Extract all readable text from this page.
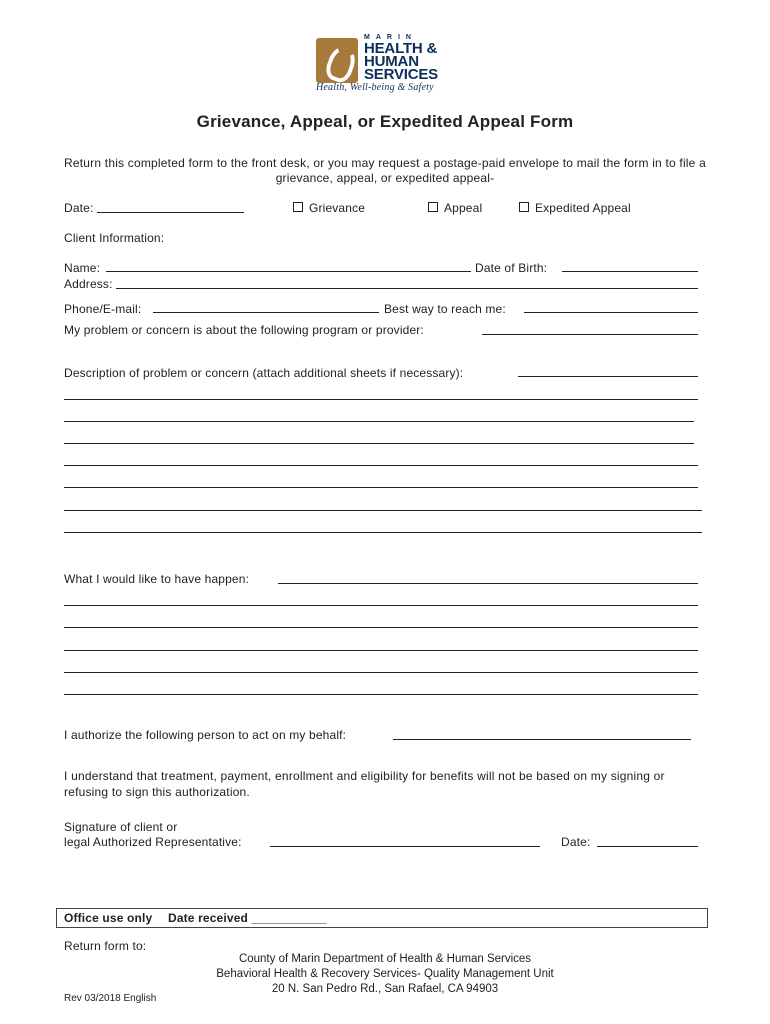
MARIN
HEALTH &
HUMAN
SERVICES
Health, Well-being & Safety
Grievance, Appeal, or Expedited Appeal Form
Return this completed form to the front desk, or you may request a postage-paid envelope to mail the form in to file a grievance, appeal, or expedited appeal-
Date:	Grievance	Appeal	Expedited Appeal
Client Information:
Name:	Date of Birth:
Address:
Phone/E-mail:	Best way to reach me:
My problem or concern is about the following program or provider:
Description of problem or concern (attach additional sheets if necessary):
What I would like to have happen:
I authorize the following person to act on my behalf:
I understand that treatment, payment, enrollment and eligibility for benefits will not be based on my signing or refusing to sign this authorization.
Signature of client or
legal Authorized Representative:	Date:
Office use only Date received ___________
Return form to:
County of Marin Department of Health & Human Services
Behavioral Health & Recovery Services- Quality Management Unit
20 N. San Pedro Rd., San Rafael, CA 94903
Rev 03/2018 English
